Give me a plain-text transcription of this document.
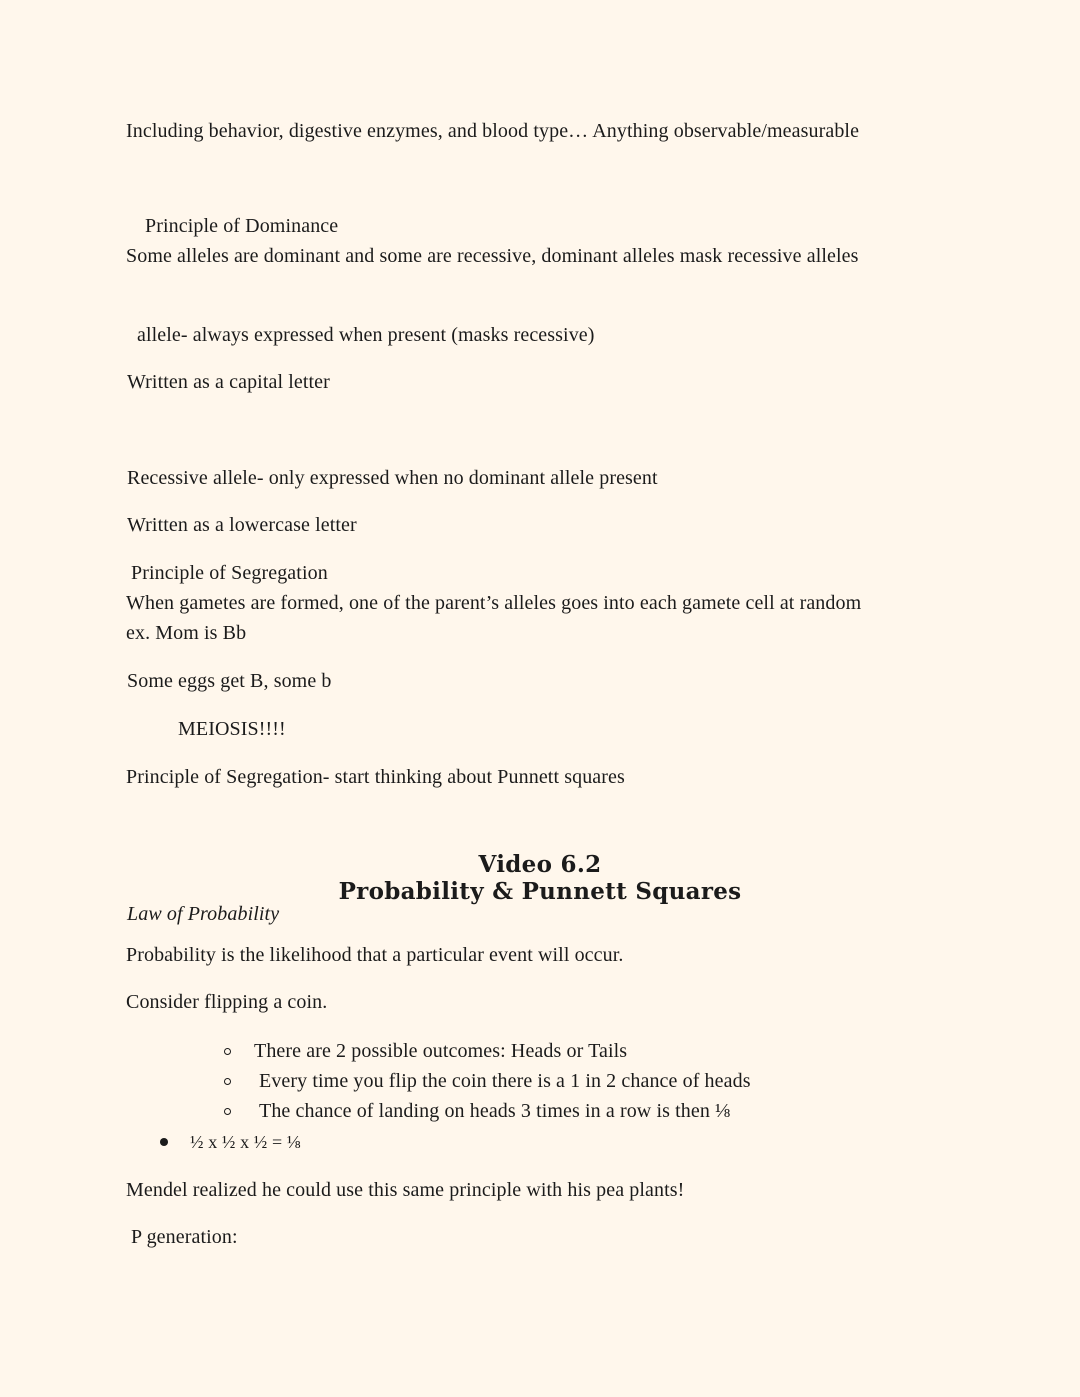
Including behavior, digestive enzymes, and blood type… Anything observable/measurable
Principle of Dominance
Some alleles are dominant and some are recessive, dominant alleles mask recessive alleles
allele- always expressed when present (masks recessive)
Written as a capital letter
Recessive allele- only expressed when no dominant allele present
Written as a lowercase letter
Principle of Segregation
When gametes are formed, one of the parent’s alleles goes into each gamete cell at random
ex. Mom is Bb
Some eggs get B, some b
MEIOSIS!!!!
Principle of Segregation- start thinking about Punnett squares
Video 6.2
Probability & Punnett Squares
Law of Probability
Probability is the likelihood that a particular event will occur.
Consider flipping a coin.
There are 2 possible outcomes: Heads or Tails
Every time you flip the coin there is a 1 in 2 chance of heads
The chance of landing on heads 3 times in a row is then ⅛
½ x ½ x ½ = ⅛
Mendel realized he could use this same principle with his pea plants!
P generation:
